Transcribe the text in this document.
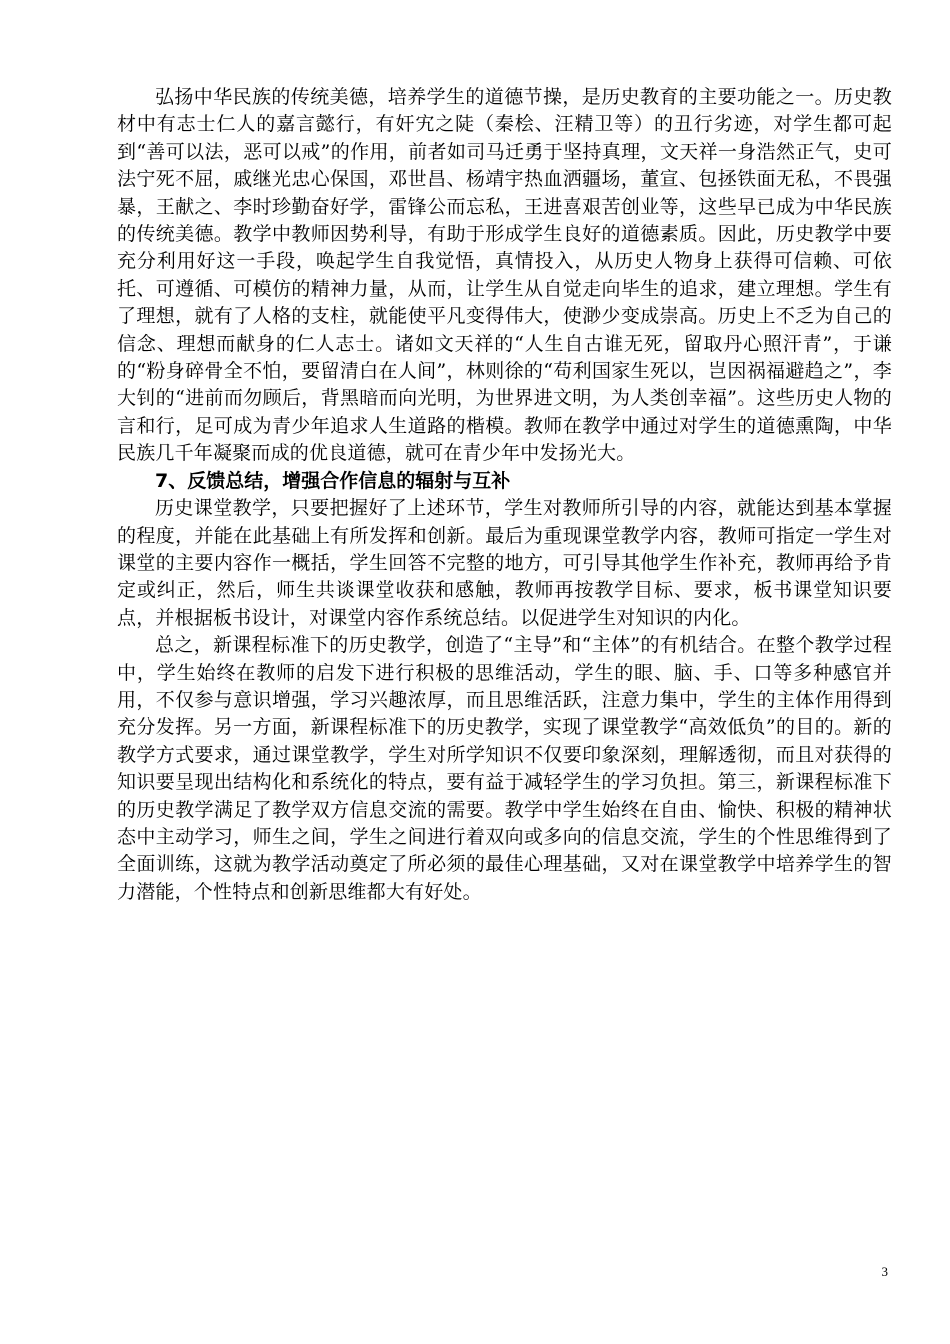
弘扬中华民族的传统美德，培养学生的道德节操，是历史教育的主要功能之一。历史教材中有志士仁人的嘉言懿行，有奸宄之陡（秦桧、汪精卫等）的丑行劣迹，对学生都可起到“善可以法，恶可以戒”的作用，前者如司马迁勇于坚持真理，文天祥一身浩然正气，史可法宁死不屈，戚继光忠心保国，邓世昌、杨靖宇热血洒疆场，董宣、包拯铁面无私，不畏强暴，王献之、李时珍勤奋好学，雷锋公而忘私，王进喜艰苦创业等，这些早已成为中华民族的传统美德。教学中教师因势利导，有助于形成学生良好的道德素质。因此，历史教学中要充分利用好这一手段，唤起学生自我觉悟，真情投入，从历史人物身上获得可信赖、可依托、可遵循、可模仿的精神力量，从而，让学生从自觉走向毕生的追求，建立理想。学生有了理想，就有了人格的支柱，就能使平凡变得伟大，使渺少变成崇高。历史上不乏为自己的信念、理想而献身的仁人志士。诸如文天祥的“人生自古谁无死，留取丹心照汗青”，于谦的“粉身碎骨全不怕，要留清白在人间”，林则徐的“苟利国家生死以，岂因祸福避趋之”，李大钊的“进前而勿顾后，背黑暗而向光明，为世界进文明，为人类创幸福”。这些历史人物的言和行，足可成为青少年追求人生道路的楷模。教师在教学中通过对学生的道德熏陶，中华民族几千年凝聚而成的优良道德，就可在青少年中发扬光大。

7、反馈总结，增强合作信息的辐射与互补

历史课堂教学，只要把握好了上述环节，学生对教师所引导的内容，就能达到基本掌握的程度，并能在此基础上有所发挥和创新。最后为重现课堂教学内容，教师可指定一学生对课堂的主要内容作一概括，学生回答不完整的地方，可引导其他学生作补充，教师再给予肯定或纠正，然后，师生共谈课堂收获和感触，教师再按教学目标、要求，板书课堂知识要点，并根据板书设计，对课堂内容作系统总结。以促进学生对知识的内化。

总之，新课程标准下的历史教学，创造了“主导”和“主体”的有机结合。在整个教学过程中，学生始终在教师的启发下进行积极的思维活动，学生的眼、脑、手、口等多种感官并用，不仅参与意识增强，学习兴趣浓厚，而且思维活跃，注意力集中，学生的主体作用得到充分发挥。另一方面，新课程标准下的历史教学，实现了课堂教学“高效低负”的目的。新的教学方式要求，通过课堂教学，学生对所学知识不仅要印象深刻，理解透彻，而且对获得的知识要呈现出结构化和系统化的特点，要有益于减轻学生的学习负担。第三，新课程标准下的历史教学满足了教学双方信息交流的需要。教学中学生始终在自由、愉快、积极的精神状态中主动学习，师生之间，学生之间进行着双向或多向的信息交流，学生的个性思维得到了全面训练，这就为教学活动奠定了所必须的最佳心理基础，又对在课堂教学中培养学生的智力潜能，个性特点和创新思维都大有好处。

3
